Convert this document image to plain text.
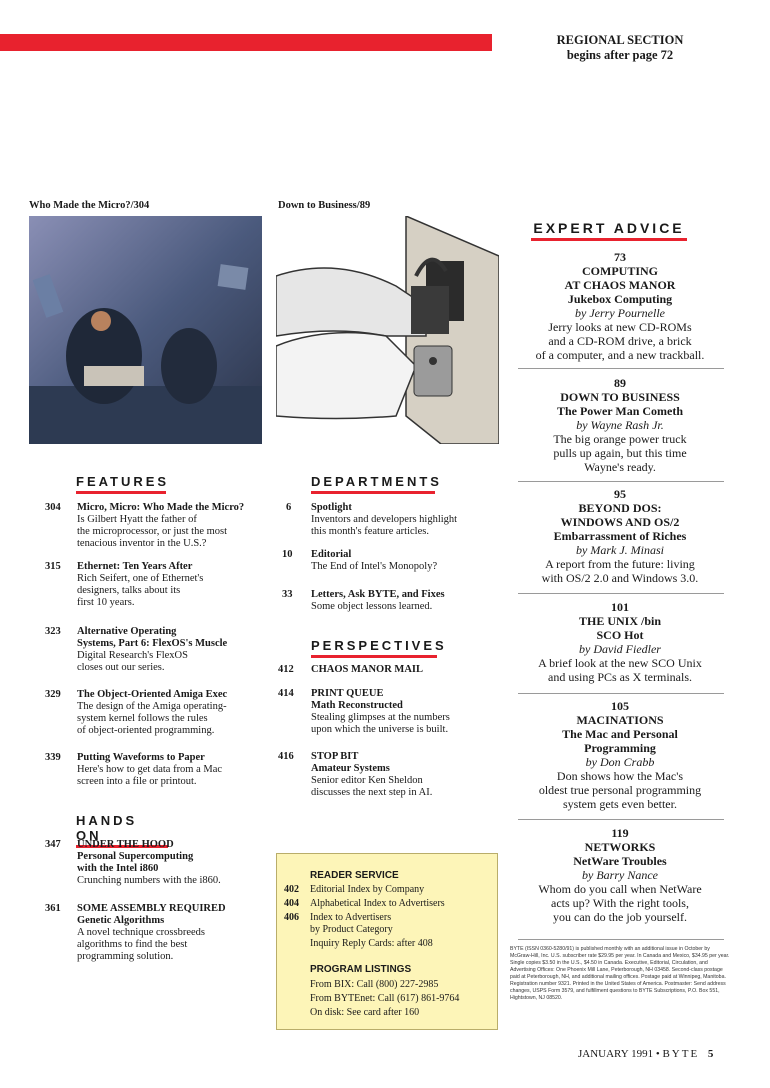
REGIONAL SECTION
begins after page 72
Who Made the Micro?/304	Down to Business/89
FEATURES
304 Micro, Micro: Who Made the Micro?
Is Gilbert Hyatt the father of
the microprocessor, or just the most
tenacious inventor in the U.S.?
315 Ethernet: Ten Years After
Rich Seifert, one of Ethernet's
designers, talks about its
first 10 years.
323 Alternative Operating
Systems, Part 6: FlexOS's Muscle
Digital Research's FlexOS
closes out our series.
329 The Object-Oriented Amiga Exec
The design of the Amiga operating-
system kernel follows the rules
of object-oriented programming.
339 Putting Waveforms to Paper
Here's how to get data from a Mac
screen into a file or printout.
HANDS ON
347 UNDER THE HOOD
Personal Supercomputing
with the Intel i860
Crunching numbers with the i860.
361 SOME ASSEMBLY REQUIRED
Genetic Algorithms
A novel technique crossbreeds
algorithms to find the best
programming solution.
DEPARTMENTS
6 Spotlight
Inventors and developers highlight
this month's feature articles.
10 Editorial
The End of Intel's Monopoly?
33 Letters, Ask BYTE, and Fixes
Some object lessons learned.
PERSPECTIVES
412 CHAOS MANOR MAIL
414 PRINT QUEUE
Math Reconstructed
Stealing glimpses at the numbers
upon which the universe is built.
416 STOP BIT
Amateur Systems
Senior editor Ken Sheldon
discusses the next step in AI.
READER SERVICE
402 Editorial Index by Company
404 Alphabetical Index to Advertisers
406 Index to Advertisers
by Product Category
Inquiry Reply Cards: after 408
PROGRAM LISTINGS
From BIX: Call (800) 227-2985
From BYTEnet: Call (617) 861-9764
On disk: See card after 160
EXPERT ADVICE
73
COMPUTING
AT CHAOS MANOR
Jukebox Computing
by Jerry Pournelle
Jerry looks at new CD-ROMs
and a CD-ROM drive, a brick
of a computer, and a new trackball.
89
DOWN TO BUSINESS
The Power Man Cometh
by Wayne Rash Jr.
The big orange power truck
pulls up again, but this time
Wayne's ready.
95
BEYOND DOS:
WINDOWS AND OS/2
Embarrassment of Riches
by Mark J. Minasi
A report from the future: living
with OS/2 2.0 and Windows 3.0.
101
THE UNIX /bin
SCO Hot
by David Fiedler
A brief look at the new SCO Unix
and using PCs as X terminals.
105
MACINATIONS
The Mac and Personal
Programming
by Don Crabb
Don shows how the Mac's
oldest true personal programming
system gets even better.
119
NETWORKS
NetWare Troubles
by Barry Nance
Whom do you call when NetWare
acts up? With the right tools,
you can do the job yourself.
BYTE (ISSN 0360-5280/91) is published monthly with an additional issue in October by McGraw-Hill, Inc. U.S. subscriber rate $29.95 per year. In Canada and Mexico, $34.95 per year. Single copies $3.50 in the U.S., $4.50 in Canada. Executive, Editorial, Circulation, and Advertising Offices: One Phoenix Mill Lane, Peterborough, NH 03458. Second-class postage paid at Peterborough, NH, and additional mailing offices. Postage paid at Winnipeg, Manitoba. Registration number 9321. Printed in the United States of America. Postmaster: Send address changes, USPS Form 3579, and fulfillment questions to BYTE Subscriptions, P.O. Box 551, Hightstown, NJ 08520.
JANUARY 1991 • BYTE 5
